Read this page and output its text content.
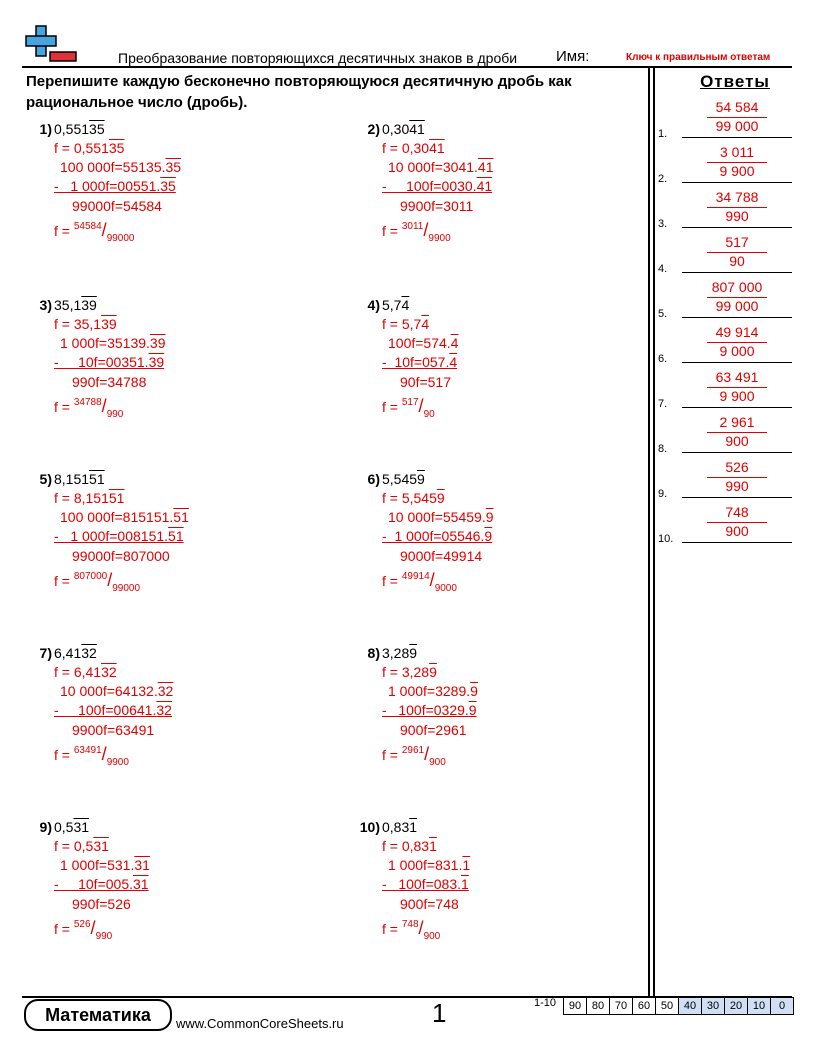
Преобразование повторяющихся десятичных знаков в дроби	Имя:	Ключ к правильным ответам
Перепишите каждую бесконечно повторяющуюся десятичную дробь как рациональное число (дробь).
Ответы
1) 0,55135
f = 0,55135
100 000f=55135.35
-   1 000f=00551.35
99000f=54584
$f = ^{54584}/_{99000}$
2) 0,3041
f = 0,3041
10 000f=3041.41
-     100f=0030.41
9900f=3011
$f = ^{3011}/_{9900}$
3) 35,139
f = 35,139
1 000f=35139.39
-     10f=00351.39
990f=34788
$f = ^{34788}/_{990}$
4) 5,74
f = 5,74
100f=574.4
-  10f=057.4
90f=517
$f = ^{517}/_{90}$
5) 8,15151
f = 8,15151
100 000f=815151.51
-   1 000f=008151.51
99000f=807000
$f = ^{807000}/_{99000}$
6) 5,5459
f = 5,5459
10 000f=55459.9
-  1 000f=05546.9
9000f=49914
$f = ^{49914}/_{9000}$
7) 6,4132
f = 6,4132
10 000f=64132.32
-     100f=00641.32
9900f=63491
$f = ^{63491}/_{9900}$
8) 3,289
f = 3,289
1 000f=3289.9
-   100f=0329.9
900f=2961
$f = ^{2961}/_{900}$
9) 0,531
f = 0,531
1 000f=531.31
-     10f=005.31
990f=526
$f = ^{526}/_{990}$
10) 0,831
f = 0,831
1 000f=831.1
-   100f=083.1
900f=748
$f = ^{748}/_{900}$
1.
54 584
99 000
2.
3 011
9 900
3.
34 788
990
4.
517
90
5.
807 000
99 000
6.
49 914
9 000
7.
63 491
9 900
8.
2 961
900
9.
526
990
10.
748
900
Математика	www.CommonCoreSheets.ru	1	1-10	90 80 70 60 50 40 30 20 10	0
